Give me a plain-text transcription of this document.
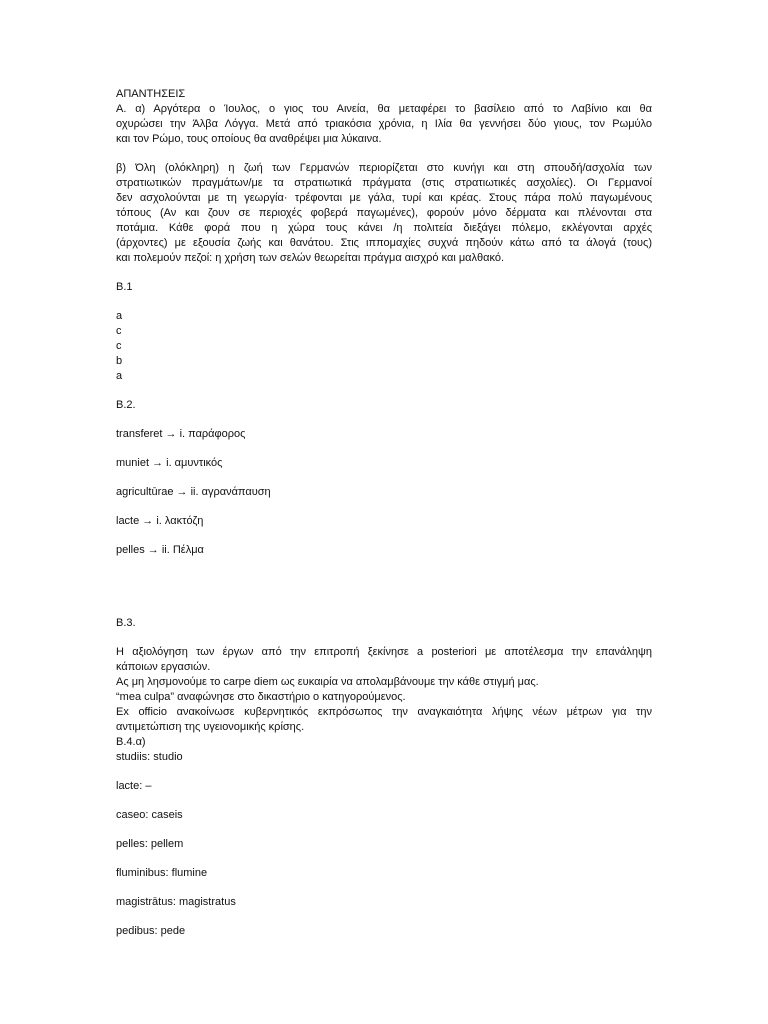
ΑΠΑΝΤΗΣΕΙΣ

Α. α) Αργότερα ο Ίουλος, ο γιος του Αινεία, θα μεταφέρει το βασίλειο από το Λαβίνιο και θα

οχυρώσει την Άλβα Λόγγα. Μετά από τριακόσια χρόνια, η Ιλία θα γεννήσει δύο γιους, τον Ρωμύλο

και τον Ρώμο, τους οποίους θα αναθρέψει μια λύκαινα.

β) Όλη (ολόκληρη) η ζωή των Γερμανών περιορίζεται στο κυνήγι και στη σπουδή/ασχολία των

στρατιωτικών πραγμάτων/με τα στρατιωτικά πράγματα (στις στρατιωτικές ασχολίες). Οι Γερμανοί

δεν ασχολούνται με τη γεωργία· τρέφονται με γάλα, τυρί και κρέας. Στους πάρα πολύ παγωμένους

τόπους (Αν και ζουν σε περιοχές φοβερά παγωμένες), φορούν μόνο δέρματα και πλένονται στα

ποτάμια. Κάθε φορά που η χώρα τους κάνει /η πολιτεία διεξάγει πόλεμο, εκλέγονται αρχές

(άρχοντες) με εξουσία ζωής και θανάτου. Στις ιππομαχίες συχνά πηδούν κάτω από τα άλογά (τους)

και πολεμούν πεζοί: η χρήση των σελών θεωρείται πράγμα αισχρό και μαλθακό.

Β.1

a

c

c

b

a

Β.2.

transferet → i. παράφορος

muniet → i. αμυντικός

agricultūrae → ii. αγρανάπαυση

lacte → i. λακτόζη

pelles → ii. Πέλμα

Β.3.

Η αξιολόγηση των έργων από την επιτροπή ξεκίνησε a posteriori με αποτέλεσμα την επανάληψη

κάποιων εργασιών.

Ας μη λησμονούμε το carpe diem ως ευκαιρία να απολαμβάνουμε την κάθε στιγμή μας.

“mea culpa” αναφώνησε στο δικαστήριο ο κατηγορούμενος.

Ex officio ανακοίνωσε κυβερνητικός εκπρόσωπος την αναγκαιότητα λήψης νέων μέτρων για την

αντιμετώπιση της υγειονομικής κρίσης.

Β.4.α)

studiis: studio

lacte: –

caseo: caseis

pelles: pellem

fluminibus: flumine

magistrātus: magistratus

pedibus: pede
